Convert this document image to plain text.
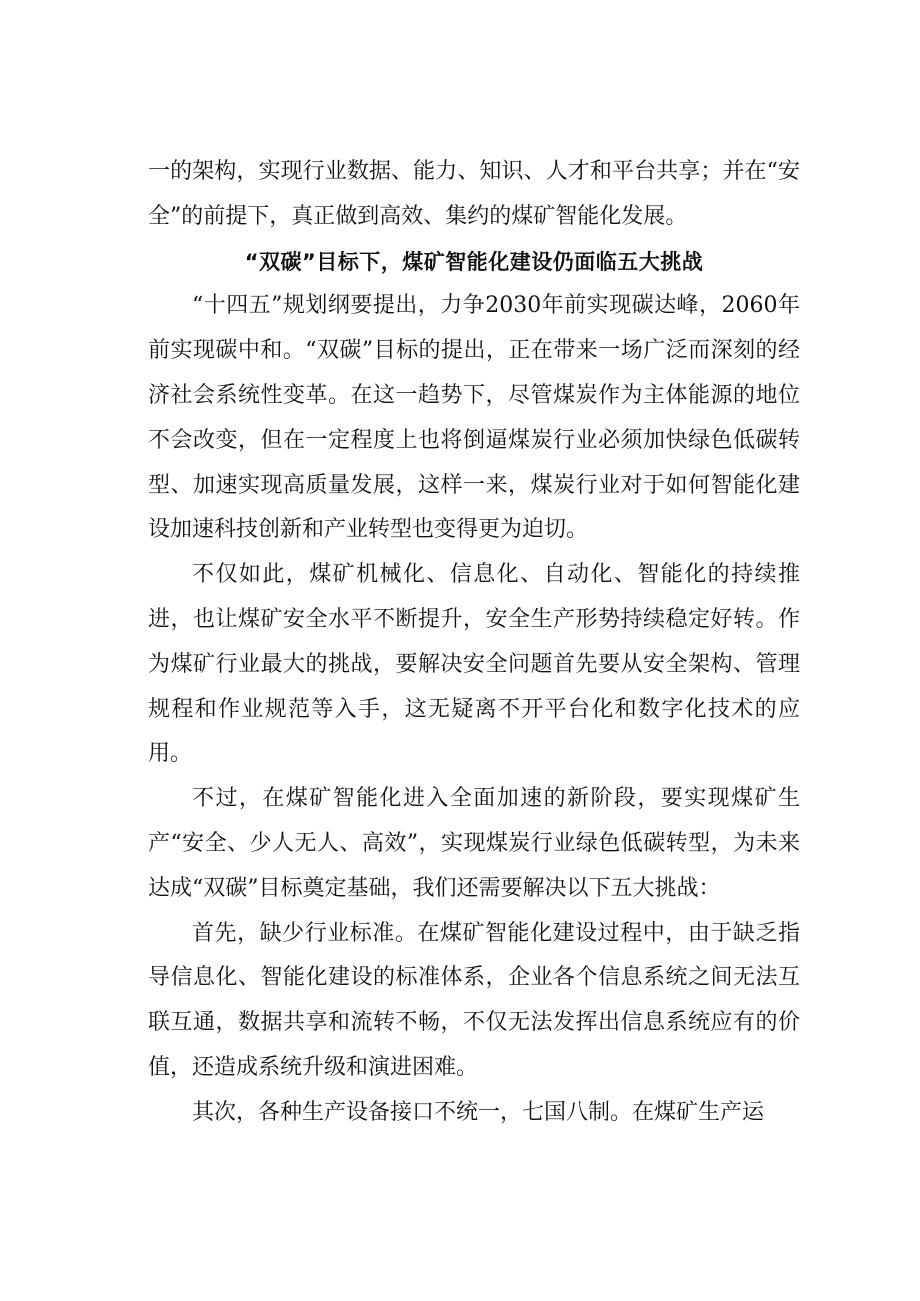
一的架构，实现行业数据、能力、知识、人才和平台共享；并在“安全”的前提下，真正做到高效、集约的煤矿智能化发展。

“双碳”目标下，煤矿智能化建设仍面临五大挑战

“十四五”规划纲要提出，力争2030年前实现碳达峰，2060年前实现碳中和。“双碳”目标的提出，正在带来一场广泛而深刻的经济社会系统性变革。在这一趋势下，尽管煤炭作为主体能源的地位不会改变，但在一定程度上也将倒逼煤炭行业必须加快绿色低碳转型、加速实现高质量发展，这样一来，煤炭行业对于如何智能化建设加速科技创新和产业转型也变得更为迫切。

不仅如此，煤矿机械化、信息化、自动化、智能化的持续推进，也让煤矿安全水平不断提升，安全生产形势持续稳定好转。作为煤矿行业最大的挑战，要解决安全问题首先要从安全架构、管理规程和作业规范等入手，这无疑离不开平台化和数字化技术的应用。

不过，在煤矿智能化进入全面加速的新阶段，要实现煤矿生产“安全、少人无人、高效”，实现煤炭行业绿色低碳转型，为未来达成“双碳”目标奠定基础，我们还需要解决以下五大挑战：

首先，缺少行业标准。在煤矿智能化建设过程中，由于缺乏指导信息化、智能化建设的标准体系，企业各个信息系统之间无法互联互通，数据共享和流转不畅，不仅无法发挥出信息系统应有的价值，还造成系统升级和演进困难。

其次，各种生产设备接口不统一，七国八制。在煤矿生产运
